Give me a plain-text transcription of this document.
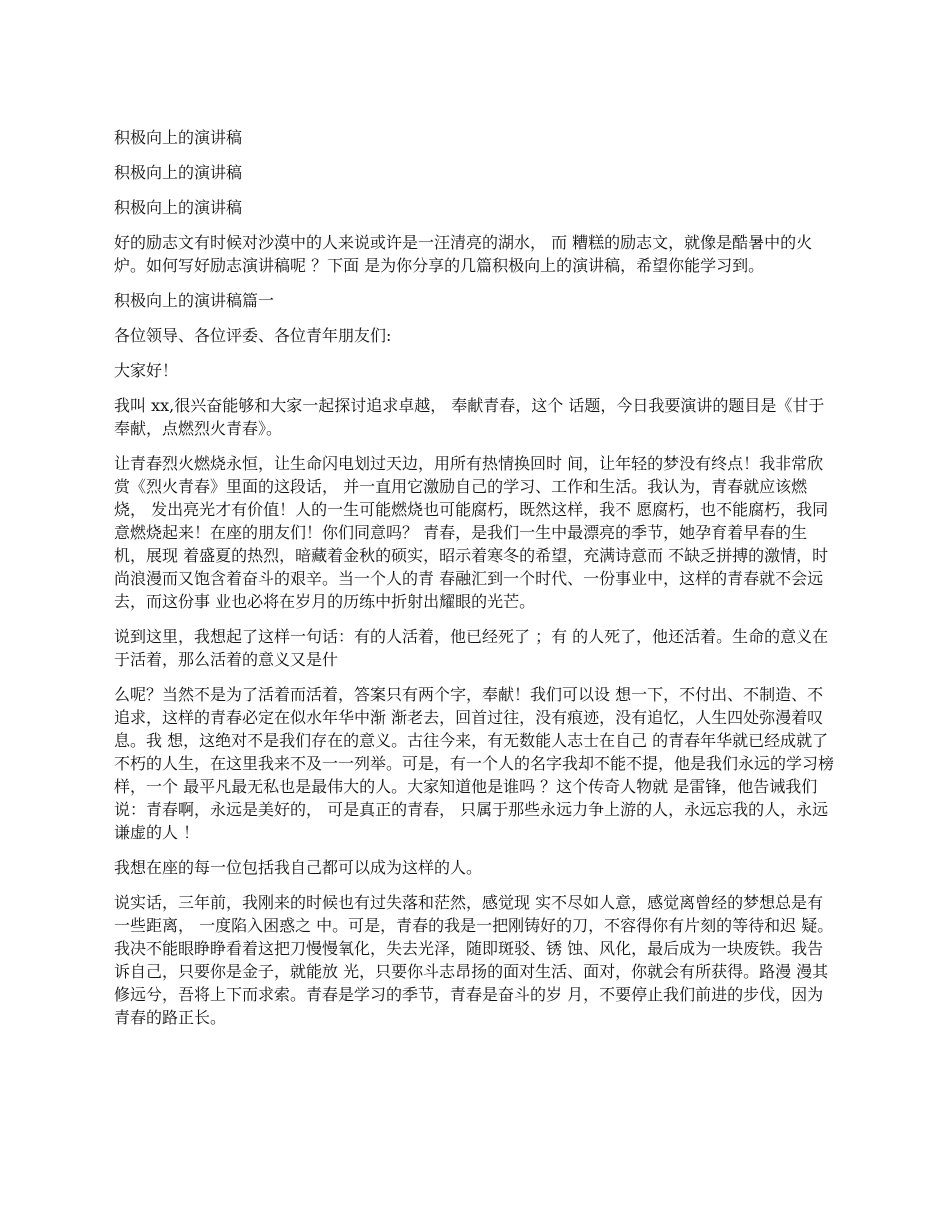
积极向上的演讲稿

积极向上的演讲稿

积极向上的演讲稿

好的励志文有时候对沙漠中的人来说或许是一汪清亮的湖水， 而 糟糕的励志文，就像是酷暑中的火炉。如何写好励志演讲稿呢 ？下面 是为你分享的几篇积极向上的演讲稿，希望你能学习到。

积极向上的演讲稿篇一

各位领导、各位评委、各位青年朋友们:

大家好！

我叫 xx,很兴奋能够和大家一起探讨追求卓越， 奉献青春，这个 话题，今日我要演讲的题目是《甘于奉献，点燃烈火青春》。

让青春烈火燃烧永恒，让生命闪电划过天边，用所有热情换回时 间，让年轻的梦没有终点！我非常欣赏《烈火青春》里面的这段话， 并一直用它激励自己的学习、工作和生活。我认为，青春就应该燃烧， 发出亮光才有价值！人的一生可能燃烧也可能腐朽，既然这样，我不 愿腐朽，也不能腐朽，我同意燃烧起来！在座的朋友们！你们同意吗？ 青春，是我们一生中最漂亮的季节，她孕育着早春的生机，展现 着盛夏的热烈，暗藏着金秋的硕实，昭示着寒冬的希望，充满诗意而 不缺乏拼搏的激情，时尚浪漫而又饱含着奋斗的艰辛。当一个人的青 春融汇到一个时代、一份事业中，这样的青春就不会远去，而这份事 业也必将在岁月的历练中折射出耀眼的光芒。

说到这里，我想起了这样一句话：有的人活着，他已经死了 ；有 的人死了，他还活着。生命的意义在于活着，那么活着的意义又是什

么呢？当然不是为了活着而活着，答案只有两个字，奉献！我们可以设 想一下，不付出、不制造、不追求，这样的青春必定在似水年华中渐 渐老去，回首过往，没有痕迹，没有追忆，人生四处弥漫着叹息。我 想，这绝对不是我们存在的意义。古往今来，有无数能人志士在自己 的青春年华就已经成就了不朽的人生，在这里我来不及一一列举。可是，有一个人的名字我却不能不提，他是我们永远的学习榜样，一个 最平凡最无私也是最伟大的人。大家知道他是谁吗 ？这个传奇人物就 是雷锋，他告诫我们说：青春啊，永远是美好的， 可是真正的青春， 只属于那些永远力争上游的人，永远忘我的人，永远谦虚的人 ！

我想在座的每一位包括我自己都可以成为这样的人。

说实话，三年前，我刚来的时候也有过失落和茫然，感觉现 实不尽如人意，感觉离曾经的梦想总是有一些距离， 一度陷入困惑之 中。可是，青春的我是一把刚铸好的刀，不容得你有片刻的等待和迟 疑。我决不能眼睁睁看着这把刀慢慢氧化，失去光泽，随即斑驳、锈 蚀、风化，最后成为一块废铁。我告诉自己，只要你是金子，就能放 光，只要你斗志昂扬的面对生活、面对，你就会有所获得。路漫 漫其修远兮，吾将上下而求索。青春是学习的季节，青春是奋斗的岁 月，不要停止我们前进的步伐，因为青春的路正长。
